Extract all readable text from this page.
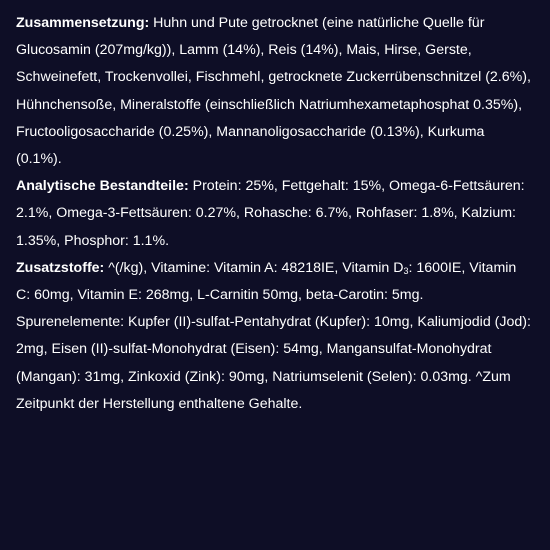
Zusammensetzung: Huhn und Pute getrocknet (eine natürliche Quelle für Glucosamin (207mg/kg)), Lamm (14%), Reis (14%), Mais, Hirse, Gerste, Schweinefett, Trockenvollei, Fischmehl, getrocknete Zuckerrübenschnitzel (2.6%), Hühnchensoße, Mineralstoffe (einschließlich Natriumhexametaphosphat 0.35%), Fructooligosaccharide (0.25%), Mannanoligosaccharide (0.13%), Kurkuma (0.1%).

Analytische Bestandteile: Protein: 25%, Fettgehalt: 15%, Omega-6-Fettsäuren: 2.1%, Omega-3-Fettsäuren: 0.27%, Rohasche: 6.7%, Rohfaser: 1.8%, Kalzium: 1.35%, Phosphor: 1.1%.

Zusatzstoffe: ^(/kg), Vitamine: Vitamin A: 48218IE, Vitamin $D_3$: 1600IE, Vitamin C: 60mg, Vitamin E: 268mg, L-Carnitin 50mg, beta-Carotin: 5mg. Spurenelemente: Kupfer (II)-sulfat-Pentahydrat (Kupfer): 10mg, Kaliumjodid (Jod): 2mg, Eisen (II)-sulfat-Monohydrat (Eisen): 54mg, Mangansulfat-Monohydrat (Mangan): 31mg, Zinkoxid (Zink): 90mg, Natriumselenit (Selen): 0.03mg. ^Zum Zeitpunkt der Herstellung enthaltene Gehalte.
